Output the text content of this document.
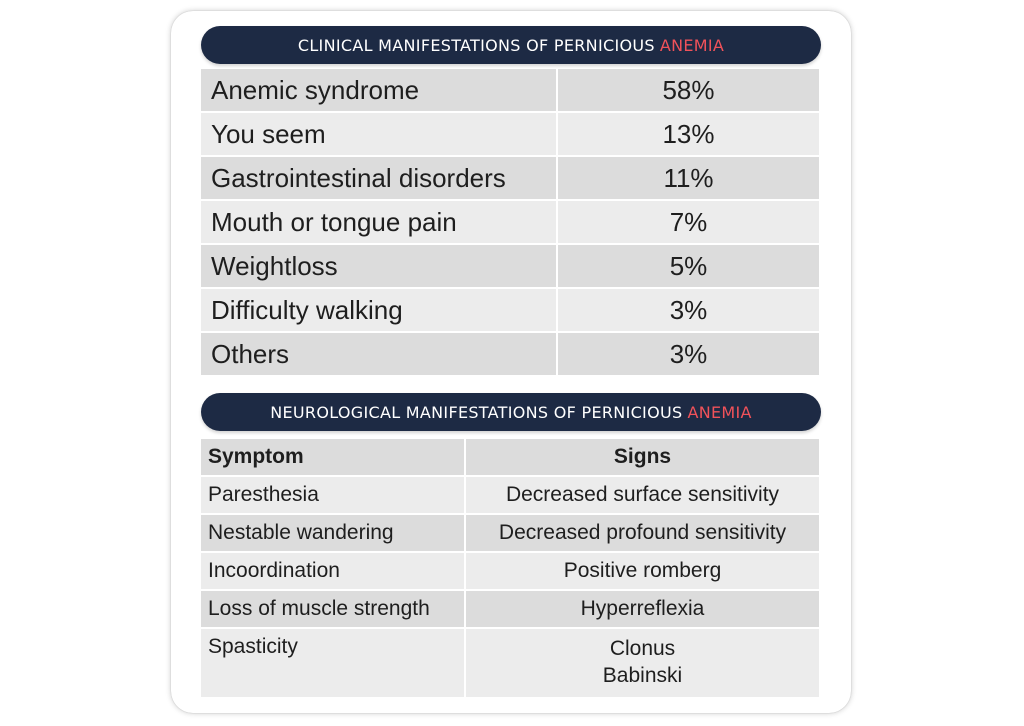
CLINICAL MANIFESTATIONS OF PERNICIOUS ANEMIA
Anemic syndrome	58%
You seem	13%
Gastrointestinal disorders	11%
Mouth or tongue pain	7%
Weightloss	5%
Difficulty walking	3%
Others	3%
NEUROLOGICAL MANIFESTATIONS OF PERNICIOUS ANEMIA
Symptom	Signs
Paresthesia	Decreased surface sensitivity

Nestable wandering	Decreased profound sensitivity

Incoordination	Positive romberg

Loss of muscle strength	Hyperreflexia

Spasticity	Clonus
Babinski
